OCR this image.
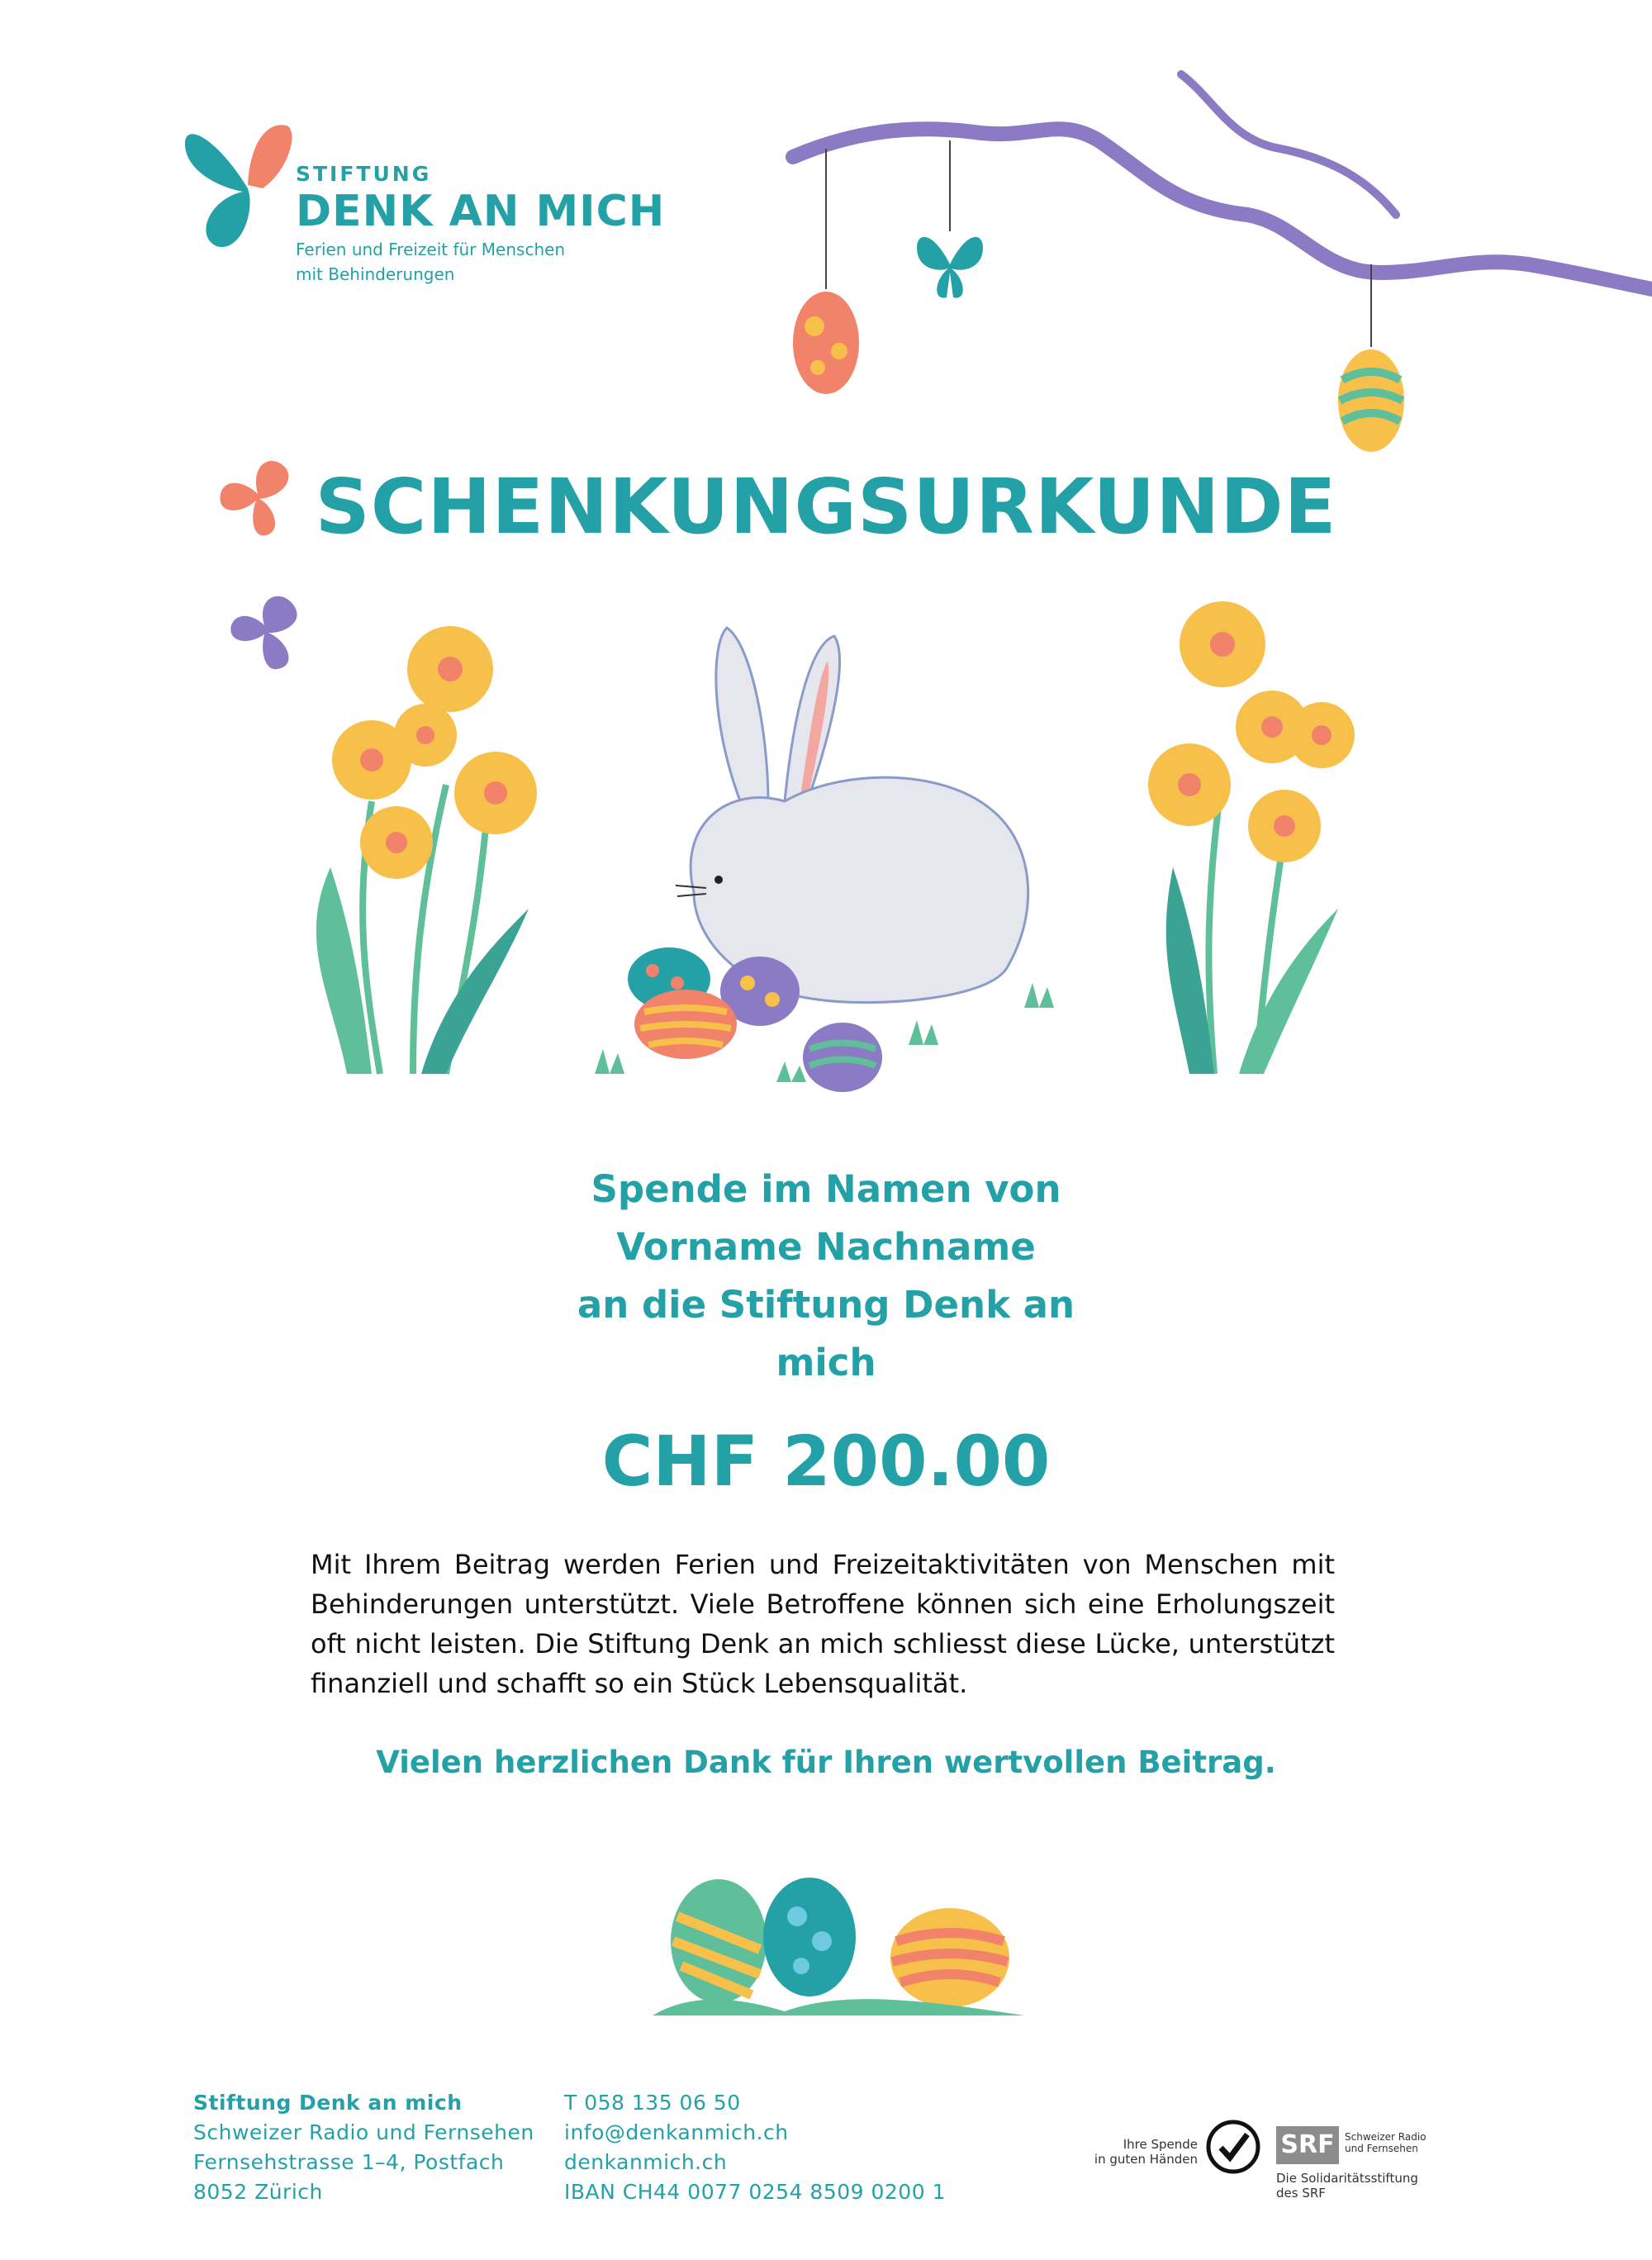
STIFTUNG
DENK AN MICH
Ferien und Freizeit für Menschen
mit Behinderungen
SCHENKUNGSURKUNDE
Spende im Namen von
Vorname Nachname
an die Stiftung Denk an
mich
CHF 200.00
Mit Ihrem Beitrag werden Ferien und Freizeitaktivitäten von Menschen mit Behinderungen unterstützt. Viele Betroffene können sich eine Erholungszeit oft nicht leisten. Die Stiftung Denk an mich schliesst diese Lücke, unterstützt finanziell und schafft so ein Stück Lebensqualität.
Vielen herzlichen Dank für Ihren wertvollen Beitrag.
Stiftung Denk an mich
Schweizer Radio und Fernsehen
Fernsehstrasse 1–4, Postfach
8052 Zürich
T 058 135 06 50
info@denkanmich.ch
denkanmich.ch
IBAN CH44 0077 0254 8509 0200 1
Ihre Spende
in guten Händen	SRF	Schweizer Radio
und Fernsehen
Die Solidaritätsstiftung
des SRF
